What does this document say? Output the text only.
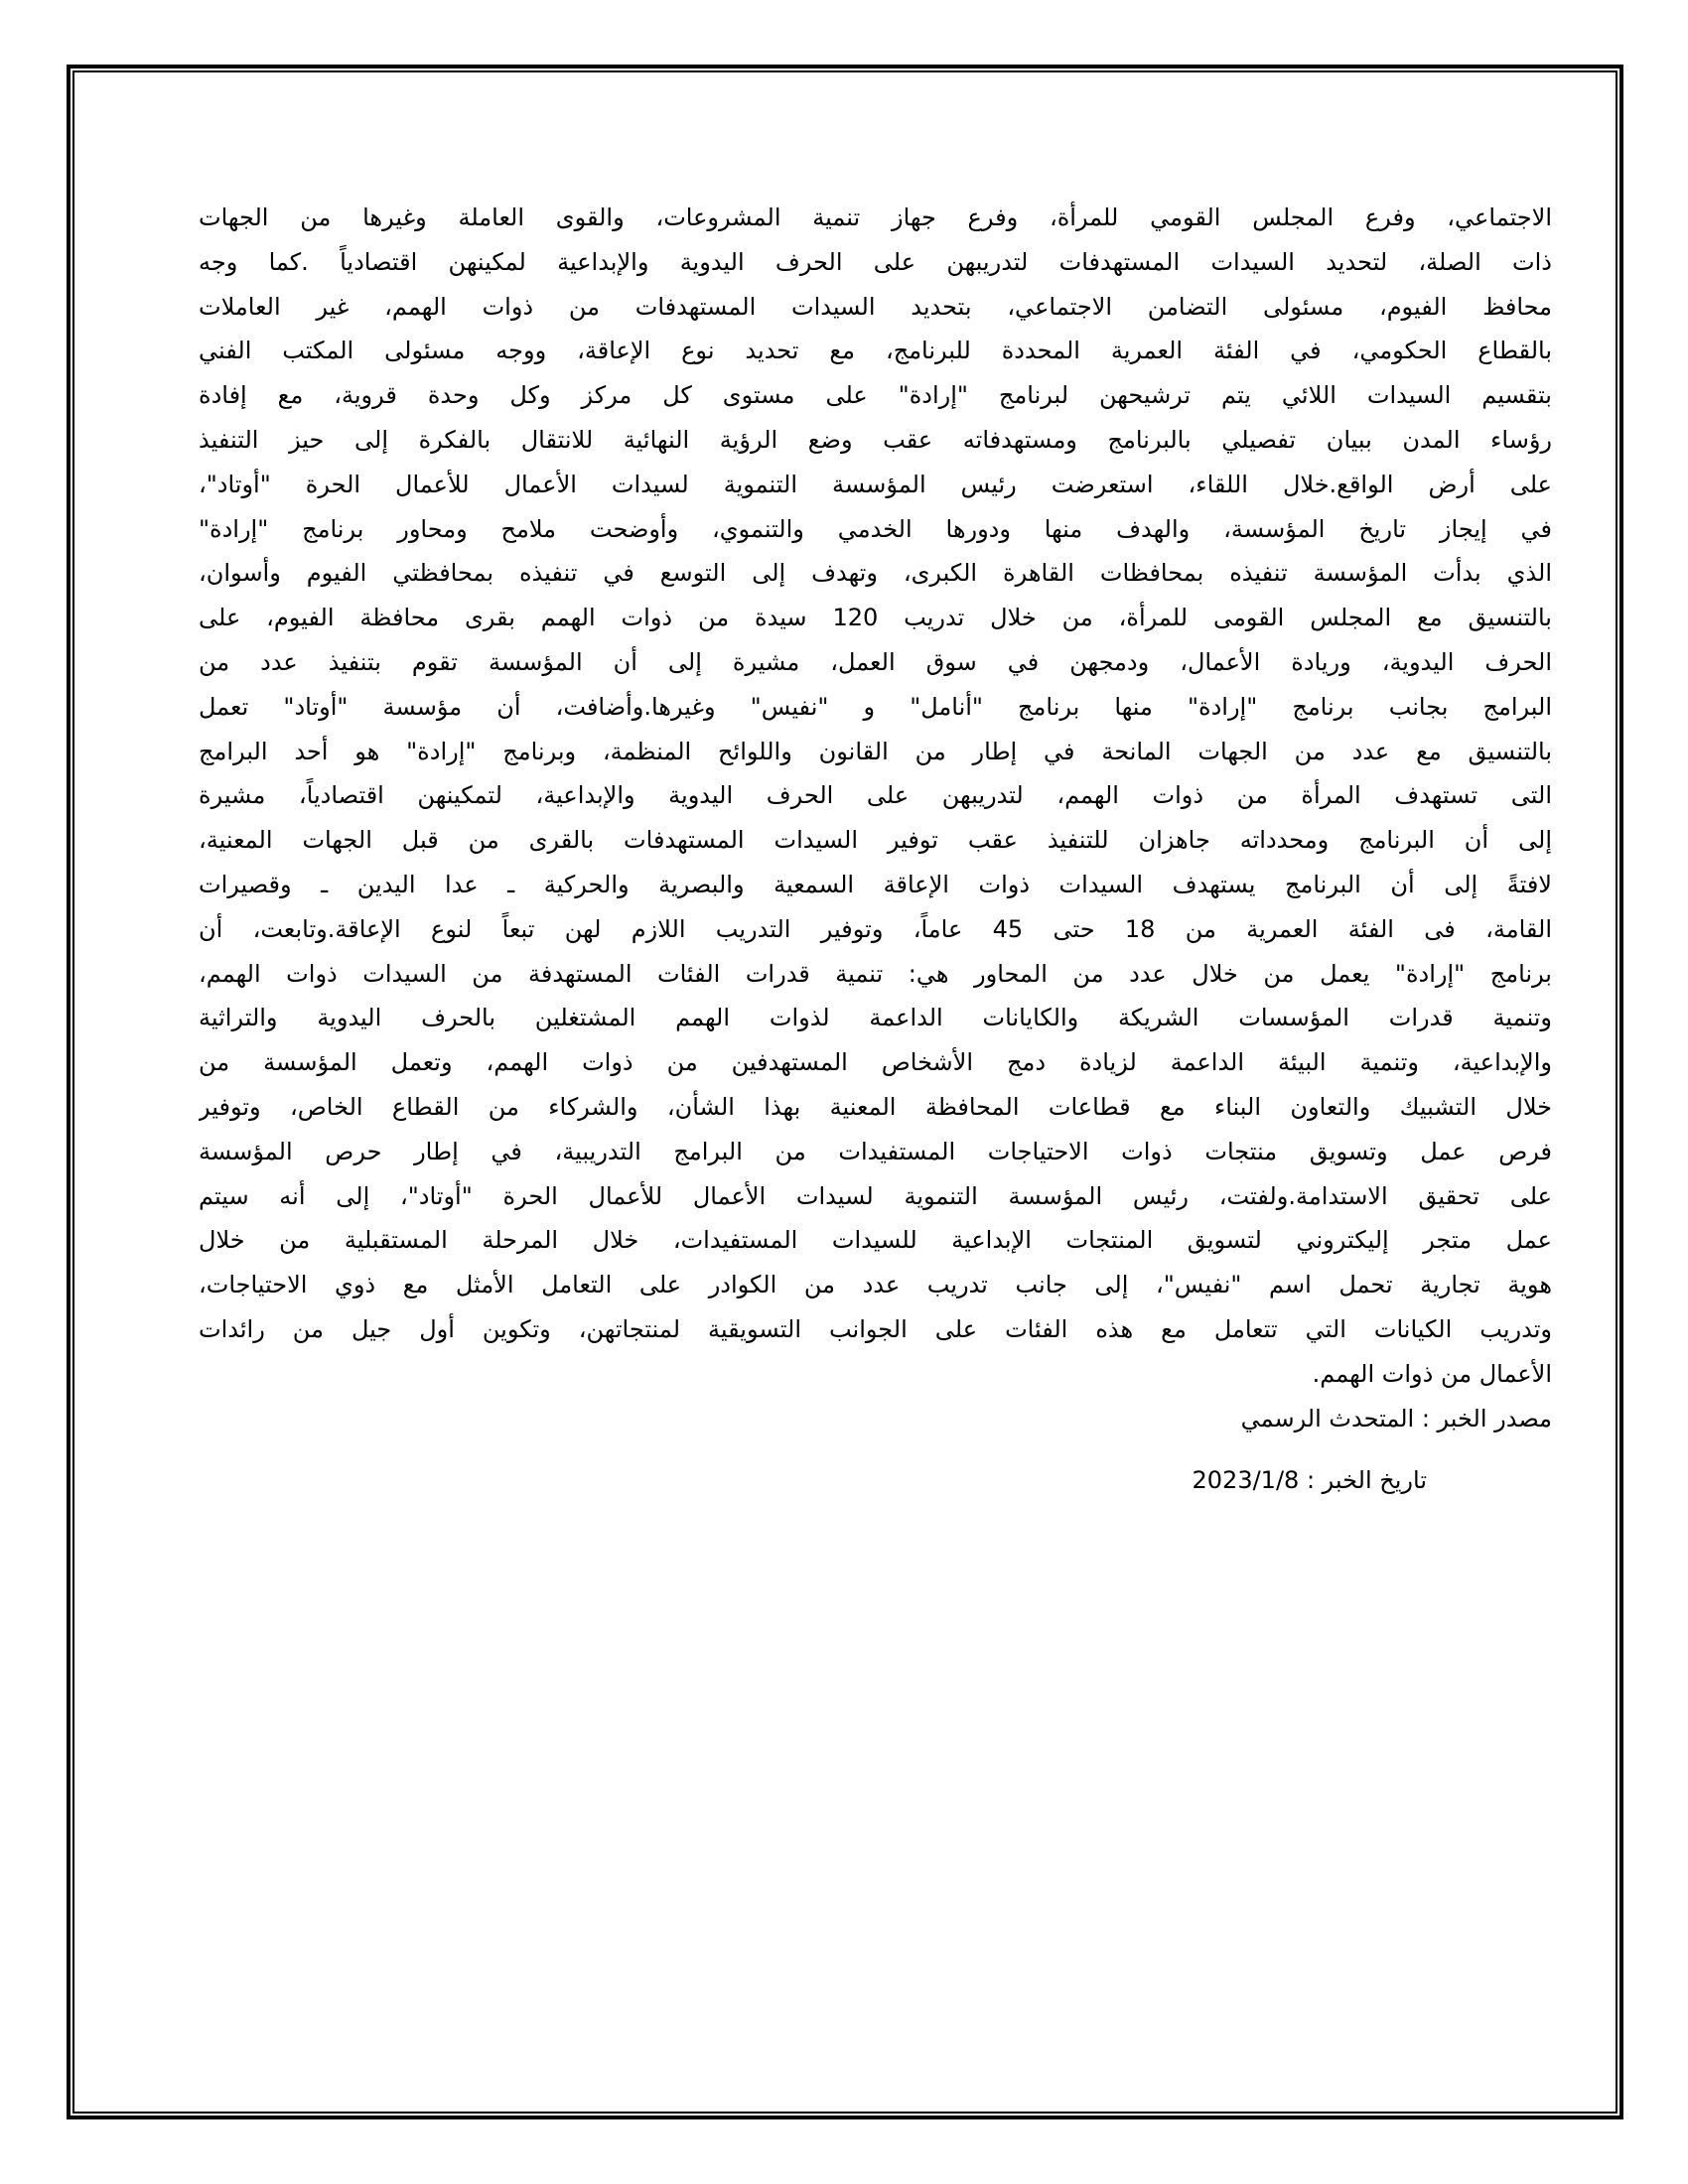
الاجتماعي، وفرع المجلس القومي للمرأة، وفرع جهاز تنمية المشروعات، والقوى العاملة وغيرها من الجهات
ذات الصلة، لتحديد السيدات المستهدفات لتدريبهن على الحرف اليدوية والإبداعية لمكينهن اقتصادياً .كما وجه
محافظ الفيوم، مسئولى التضامن الاجتماعي، بتحديد السيدات المستهدفات من ذوات الهمم، غير العاملات
بالقطاع الحكومي، في الفئة العمرية المحددة للبرنامج، مع تحديد نوع الإعاقة، ووجه مسئولى المكتب الفني
بتقسيم السيدات اللائي يتم ترشيحهن لبرنامج "إرادة" على مستوى كل مركز وكل وحدة قروية، مع إفادة
رؤساء المدن ببيان تفصيلي بالبرنامج ومستهدفاته عقب وضع الرؤية النهائية للانتقال بالفكرة إلى حيز التنفيذ
على أرض الواقع.خلال اللقاء، استعرضت رئيس المؤسسة التنموية لسيدات الأعمال للأعمال الحرة "أوتاد"،
في إيجاز تاريخ المؤسسة، والهدف منها ودورها الخدمي والتنموي، وأوضحت ملامح ومحاور برنامج "إرادة"
الذي بدأت المؤسسة تنفيذه بمحافظات القاهرة الكبرى، وتهدف إلى التوسع في تنفيذه بمحافظتي الفيوم وأسوان،
بالتنسيق مع المجلس القومى للمرأة، من خلال تدريب 120 سيدة من ذوات الهمم بقرى محافظة الفيوم، على
الحرف اليدوية، وريادة الأعمال، ودمجهن في سوق العمل، مشيرة إلى أن المؤسسة تقوم بتنفيذ عدد من
البرامج بجانب برنامج "إرادة" منها برنامج "أنامل" و "نفيس" وغيرها.وأضافت، أن مؤسسة "أوتاد" تعمل
بالتنسيق مع عدد من الجهات المانحة في إطار من القانون واللوائح المنظمة، وبرنامج "إرادة" هو أحد البرامج
التى تستهدف المرأة من ذوات الهمم، لتدريبهن على الحرف اليدوية والإبداعية، لتمكينهن اقتصادياً، مشيرة
إلى أن البرنامج ومحدداته جاهزان للتنفيذ عقب توفير السيدات المستهدفات بالقرى من قبل الجهات المعنية،
لافتةً إلى أن البرنامج يستهدف السيدات ذوات الإعاقة السمعية والبصرية والحركية ـ عدا اليدين ـ وقصيرات
القامة، فى الفئة العمرية من 18 حتى 45 عاماً، وتوفير التدريب اللازم لهن تبعاً لنوع الإعاقة.وتابعت، أن
برنامج "إرادة" يعمل من خلال عدد من المحاور هي: تنمية قدرات الفئات المستهدفة من السيدات ذوات الهمم،
وتنمية قدرات المؤسسات الشريكة والكايانات الداعمة لذوات الهمم المشتغلين بالحرف اليدوية والتراثية
والإبداعية، وتنمية البيئة الداعمة لزيادة دمج الأشخاص المستهدفين من ذوات الهمم، وتعمل المؤسسة من
خلال التشبيك والتعاون البناء مع قطاعات المحافظة المعنية بهذا الشأن، والشركاء من القطاع الخاص، وتوفير
فرص عمل وتسويق منتجات ذوات الاحتياجات المستفيدات من البرامج التدريبية، في إطار حرص المؤسسة
على تحقيق الاستدامة.ولفتت، رئيس المؤسسة التنموية لسيدات الأعمال للأعمال الحرة "أوتاد"، إلى أنه سيتم
عمل متجر إليكتروني لتسويق المنتجات الإبداعية للسيدات المستفيدات، خلال المرحلة المستقبلية من خلال
هوية تجارية تحمل اسم "نفيس"، إلى جانب تدريب عدد من الكوادر على التعامل الأمثل مع ذوي الاحتياجات،
وتدريب الكيانات التي تتعامل مع هذه الفئات على الجوانب التسويقية لمنتجاتهن، وتكوين أول جيل من رائدات
الأعمال من ذوات الهمم.
مصدر الخبر : المتحدث الرسمي
تاريخ الخبر : 2023/1/8
